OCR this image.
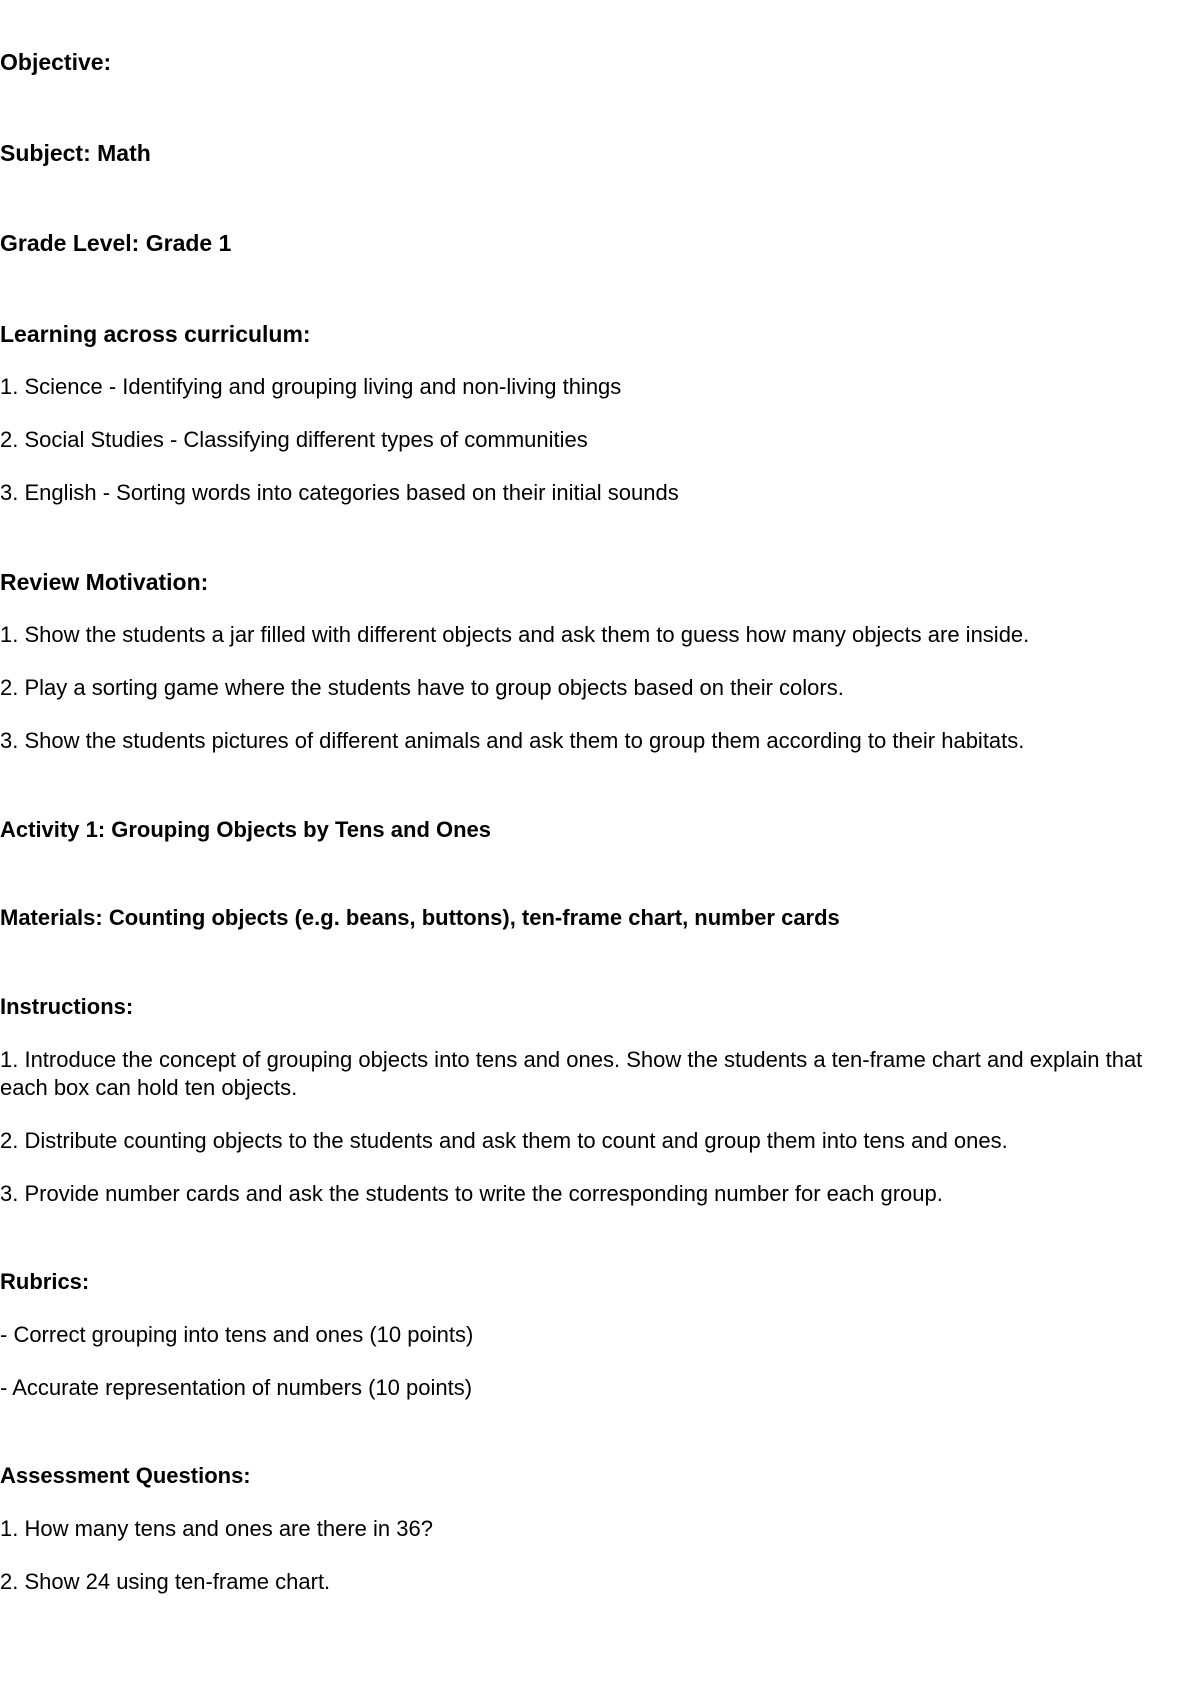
Objective:
Subject: Math
Grade Level: Grade 1
Learning across curriculum:
1. Science - Identifying and grouping living and non-living things
2. Social Studies - Classifying different types of communities
3. English - Sorting words into categories based on their initial sounds
Review Motivation:
1. Show the students a jar filled with different objects and ask them to guess how many objects are inside.
2. Play a sorting game where the students have to group objects based on their colors.
3. Show the students pictures of different animals and ask them to group them according to their habitats.
Activity 1: Grouping Objects by Tens and Ones
Materials: Counting objects (e.g. beans, buttons), ten-frame chart, number cards
Instructions:
1. Introduce the concept of grouping objects into tens and ones. Show the students a ten-frame chart and explain that each box can hold ten objects.
2. Distribute counting objects to the students and ask them to count and group them into tens and ones.
3. Provide number cards and ask the students to write the corresponding number for each group.
Rubrics:
- Correct grouping into tens and ones (10 points)
- Accurate representation of numbers (10 points)
Assessment Questions:
1. How many tens and ones are there in 36?
2. Show 24 using ten-frame chart.
